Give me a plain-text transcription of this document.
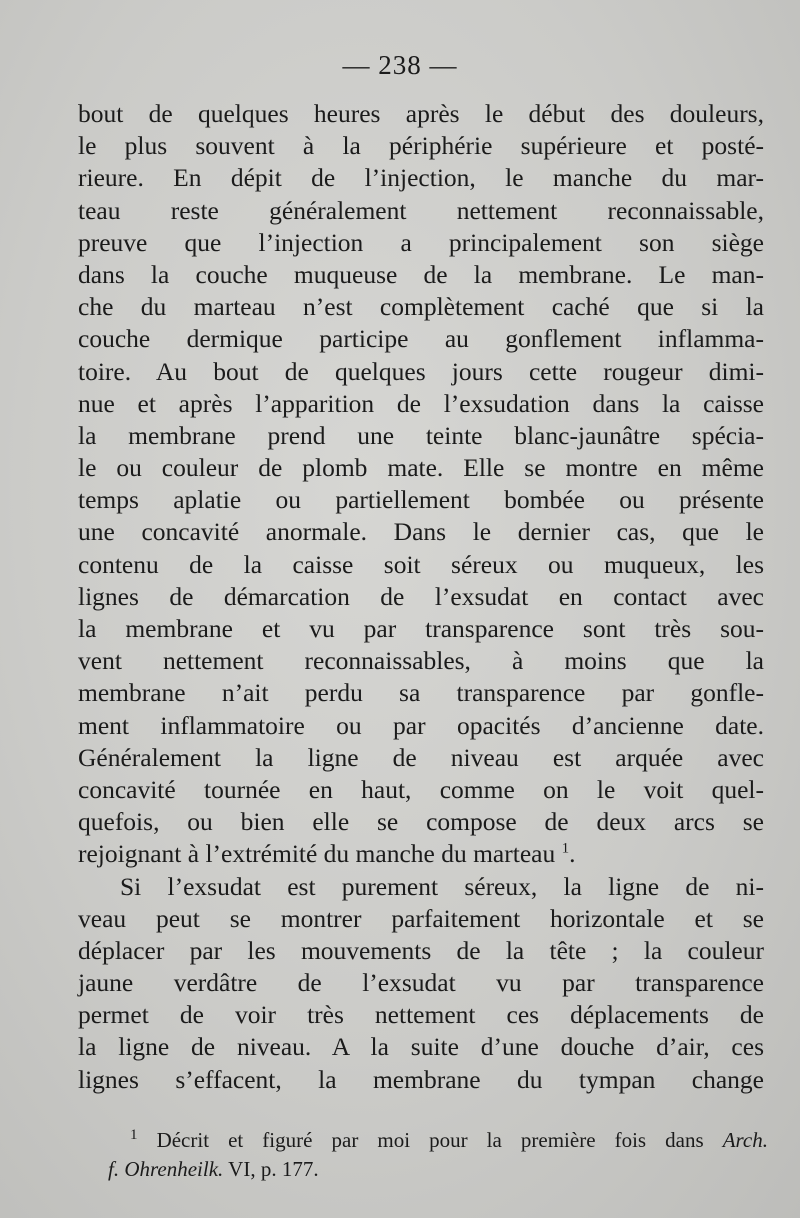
— 238 —
bout de quelques heures après le début des douleurs,
le plus souvent à la périphérie supérieure et posté-
rieure. En dépit de l’injection, le manche du mar-
teau reste généralement nettement reconnaissable,
preuve que l’injection a principalement son siège
dans la couche muqueuse de la membrane. Le man-
che du marteau n’est complètement caché que si la
couche dermique participe au gonflement inflamma-
toire. Au bout de quelques jours cette rougeur dimi-
nue et après l’apparition de l’exsudation dans la caisse
la membrane prend une teinte blanc-jaunâtre spécia-
le ou couleur de plomb mate. Elle se montre en même
temps aplatie ou partiellement bombée ou présente
une concavité anormale. Dans le dernier cas, que le
contenu de la caisse soit séreux ou muqueux, les
lignes de démarcation de l’exsudat en contact avec
la membrane et vu par transparence sont très sou-
vent nettement reconnaissables, à moins que la
membrane n’ait perdu sa transparence par gonfle-
ment inflammatoire ou par opacités d’ancienne date.
Généralement la ligne de niveau est arquée avec
concavité tournée en haut, comme on le voit quel-
quefois, ou bien elle se compose de deux arcs se
rejoignant à l’extrémité du manche du marteau $^1$.
Si l’exsudat est purement séreux, la ligne de ni-
veau peut se montrer parfaitement horizontale et se
déplacer par les mouvements de la tête ; la couleur
jaune verdâtre de l’exsudat vu par transparence
permet de voir très nettement ces déplacements de
la ligne de niveau. A la suite d’une douche d’air, ces
lignes s’effacent, la membrane du tympan change
$^1$ Décrit et figuré par moi pour la première fois dans Arch.
f. Ohrenheilk. VI, p. 177.
